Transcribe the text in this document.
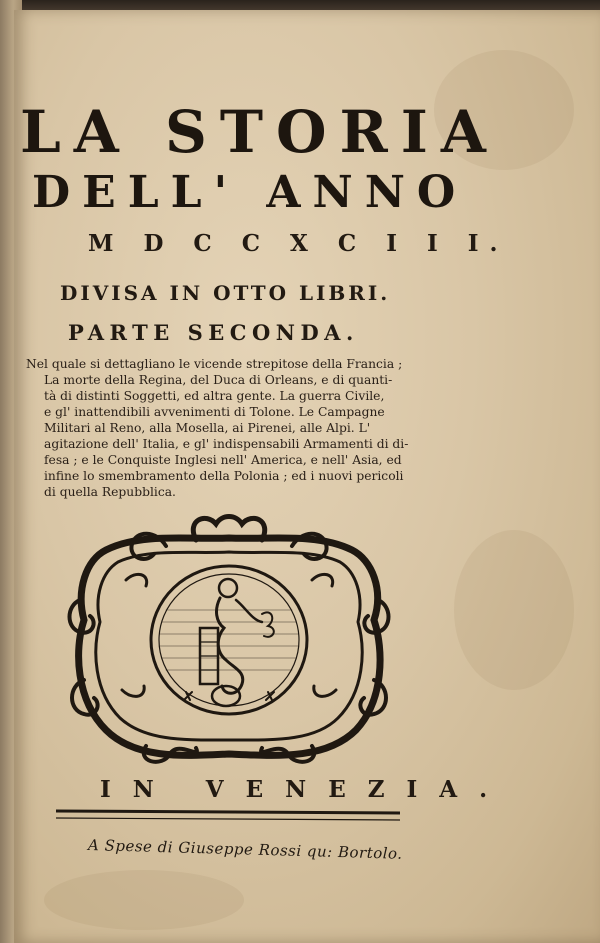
LA STORIA
DELL' ANNO
M D C C X C I I I.
DIVISA IN OTTO LIBRI.
PARTE SECONDA.
Nel quale si dettagliano le vicende strepitose della Francia ;
La morte della Regina, del Duca di Orleans, e di quanti-
tà di distinti Soggetti, ed altra gente. La guerra Civile,
e gl' inattendibili avvenimenti di Tolone. Le Campagne
Militari al Reno, alla Mosella, ai Pirenei, alle Alpi. L'
agitazione dell' Italia, e gl' indispensabili Armamenti di di-
fesa ; e le Conquiste Inglesi nell' America, e nell' Asia, ed
infine lo smembramento della Polonia ; ed i nuovi pericoli
di quella Repubblica.
IN VENEZIA.
A Spese di Giuseppe Rossi qu: Bortolo.
